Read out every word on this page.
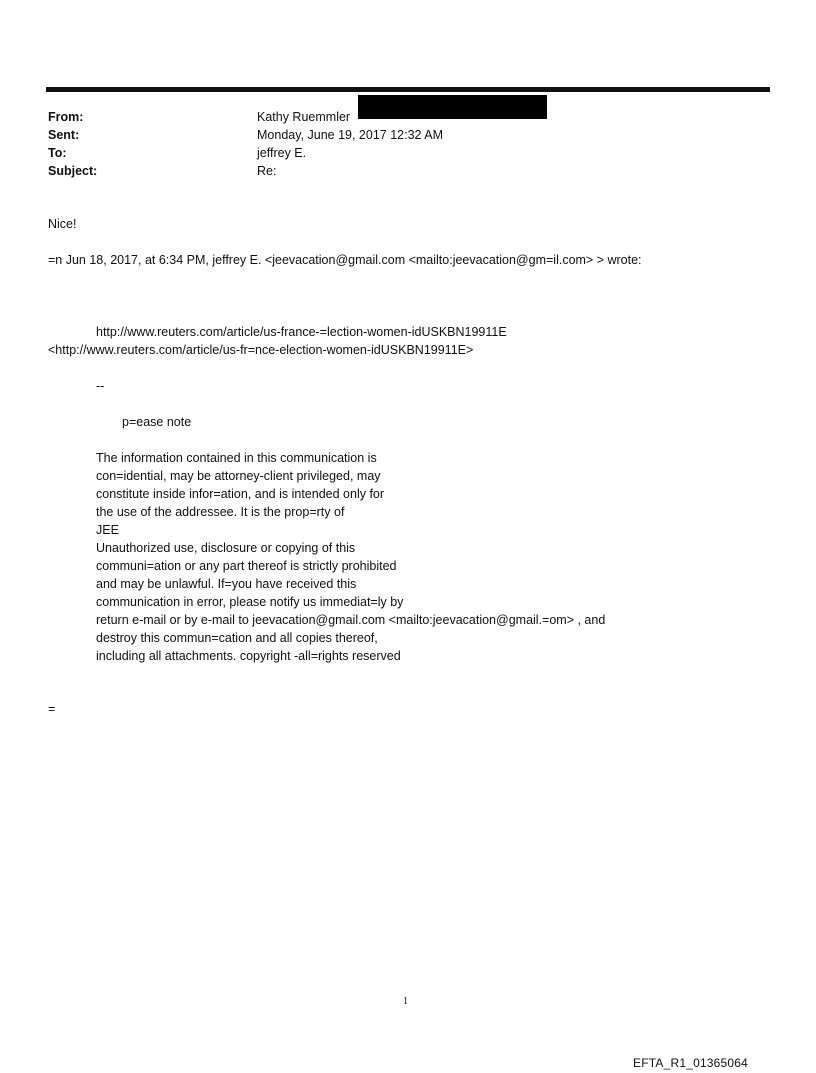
From:	Kathy Ruemmler
Sent:	Monday, June 19, 2017 12:32 AM
To:	jeffrey E.
Subject:	Re:
Nice!
=n Jun 18, 2017, at 6:34 PM, jeffrey E. <jeevacation@gmail.com <mailto:jeevacation@gm=il.com> > wrote:
http://www.reuters.com/article/us-france-=lection-women-idUSKBN19911E
<http://www.reuters.com/article/us-fr=nce-election-women-idUSKBN19911E>
--
p=ease note
The information contained in this communication is
con=idential, may be attorney-client privileged, may
constitute inside infor=ation, and is intended only for
the use of the addressee. It is the prop=rty of
JEE
Unauthorized use, disclosure or copying of this
communi=ation or any part thereof is strictly prohibited
and may be unlawful. If=you have received this
communication in error, please notify us immediat=ly by
return e-mail or by e-mail to jeevacation@gmail.com <mailto:jeevacation@gmail.=om> , and
destroy this commun=cation and all copies thereof,
including all attachments. copyright -all=rights reserved
=
1
EFTA_R1_01365064
